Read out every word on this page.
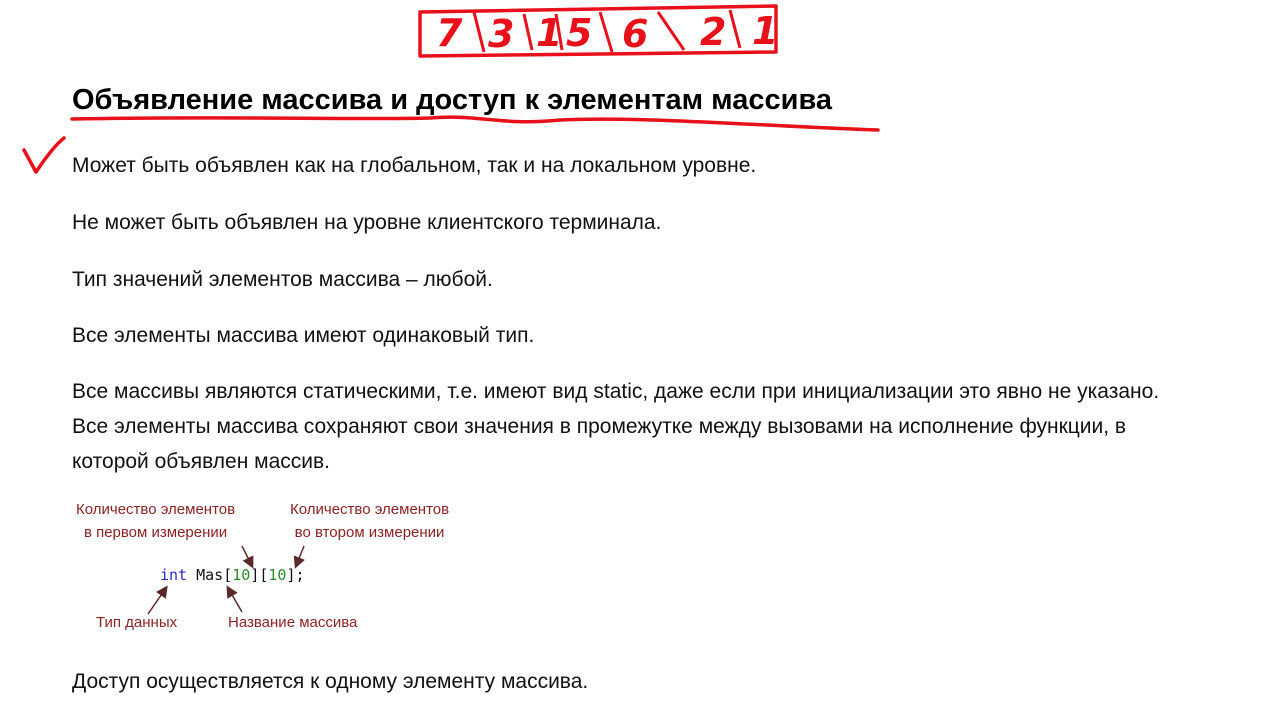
7 3 1 5 6 2 1
Объявление массива и доступ к элементам массива
Может быть объявлен как на глобальном, так и на локальном уровне.
Не может быть объявлен на уровне клиентского терминала.
Тип значений элементов массива – любой.
Все элементы массива имеют одинаковый тип.
Все массивы являются статическими, т.е. имеют вид static, даже если при инициализации это явно не указано. Все элементы массива сохраняют свои значения в промежутке между вызовами на исполнение функции, в которой объявлен массив.
Количество элементов
в первом измерении
Количество элементов
во втором измерении
int Mas[10][10];
Тип данных	Название массива
Доступ осуществляется к одному элементу массива.
